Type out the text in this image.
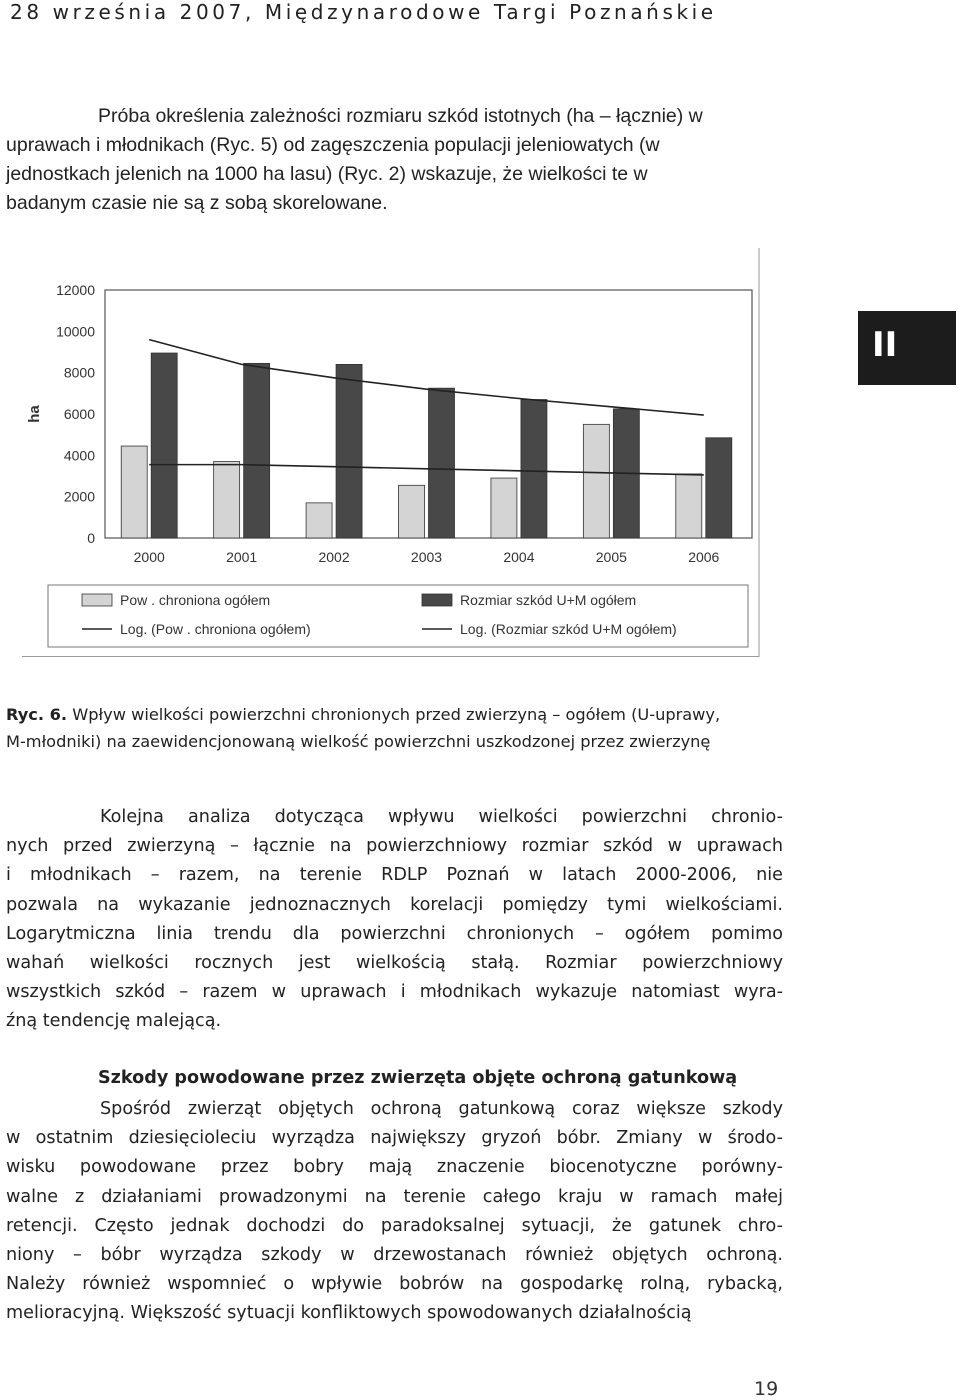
28 września 2007, Międzynarodowe Targi Poznańskie

Próba określenia zależności rozmiaru szkód istotnych (ha – łącznie) w
uprawach i młodnikach (Ryc. 5) od zagęszczenia populacji jeleniowatych (w
jednostkach jelenich na 1000 ha lasu) (Ryc. 2) wskazuje, że wielkości te w
badanym czasie nie są z sobą skorelowane.

0
2000
4000
6000
8000
10000
12000
ha
2000	2001	2002	2003	2004	2005	2006
Pow . chroniona ogółem	Rozmiar szkód U+M ogółem
Log. (Pow . chroniona ogółem)	Log. (Rozmiar szkód U+M ogółem)
II

Ryc. 6. Wpływ wielkości powierzchni chronionych przed zwierzyną – ogółem (U-uprawy,
M-młodniki) na zaewidencjonowaną wielkość powierzchni uszkodzonej przez zwierzynę

Kolejna analiza dotycząca wpływu wielkości powierzchni chronio-
nych przed zwierzyną – łącznie na powierzchniowy rozmiar szkód w uprawach
i młodnikach – razem, na terenie RDLP Poznań w latach 2000-2006, nie
pozwala na wykazanie jednoznacznych korelacji pomiędzy tymi wielkościami.
Logarytmiczna linia trendu dla powierzchni chronionych – ogółem pomimo
wahań wielkości rocznych jest wielkością stałą. Rozmiar powierzchniowy
wszystkich szkód – razem w uprawach i młodnikach wykazuje natomiast wyra-
źną tendencję malejącą.

Szkody powodowane przez zwierzęta objęte ochroną gatunkową

Spośród zwierząt objętych ochroną gatunkową coraz większe szkody
w ostatnim dziesięcioleciu wyrządza największy gryzoń bóbr. Zmiany w środo-
wisku powodowane przez bobry mają znaczenie biocenotyczne porówny-
walne z działaniami prowadzonymi na terenie całego kraju w ramach małej
retencji. Często jednak dochodzi do paradoksalnej sytuacji, że gatunek chro-
niony – bóbr wyrządza szkody w drzewostanach również objętych ochroną.
Należy również wspomnieć o wpływie bobrów na gospodarkę rolną, rybacką,
melioracyjną. Większość sytuacji konfliktowych spowodowanych działalnością

19
